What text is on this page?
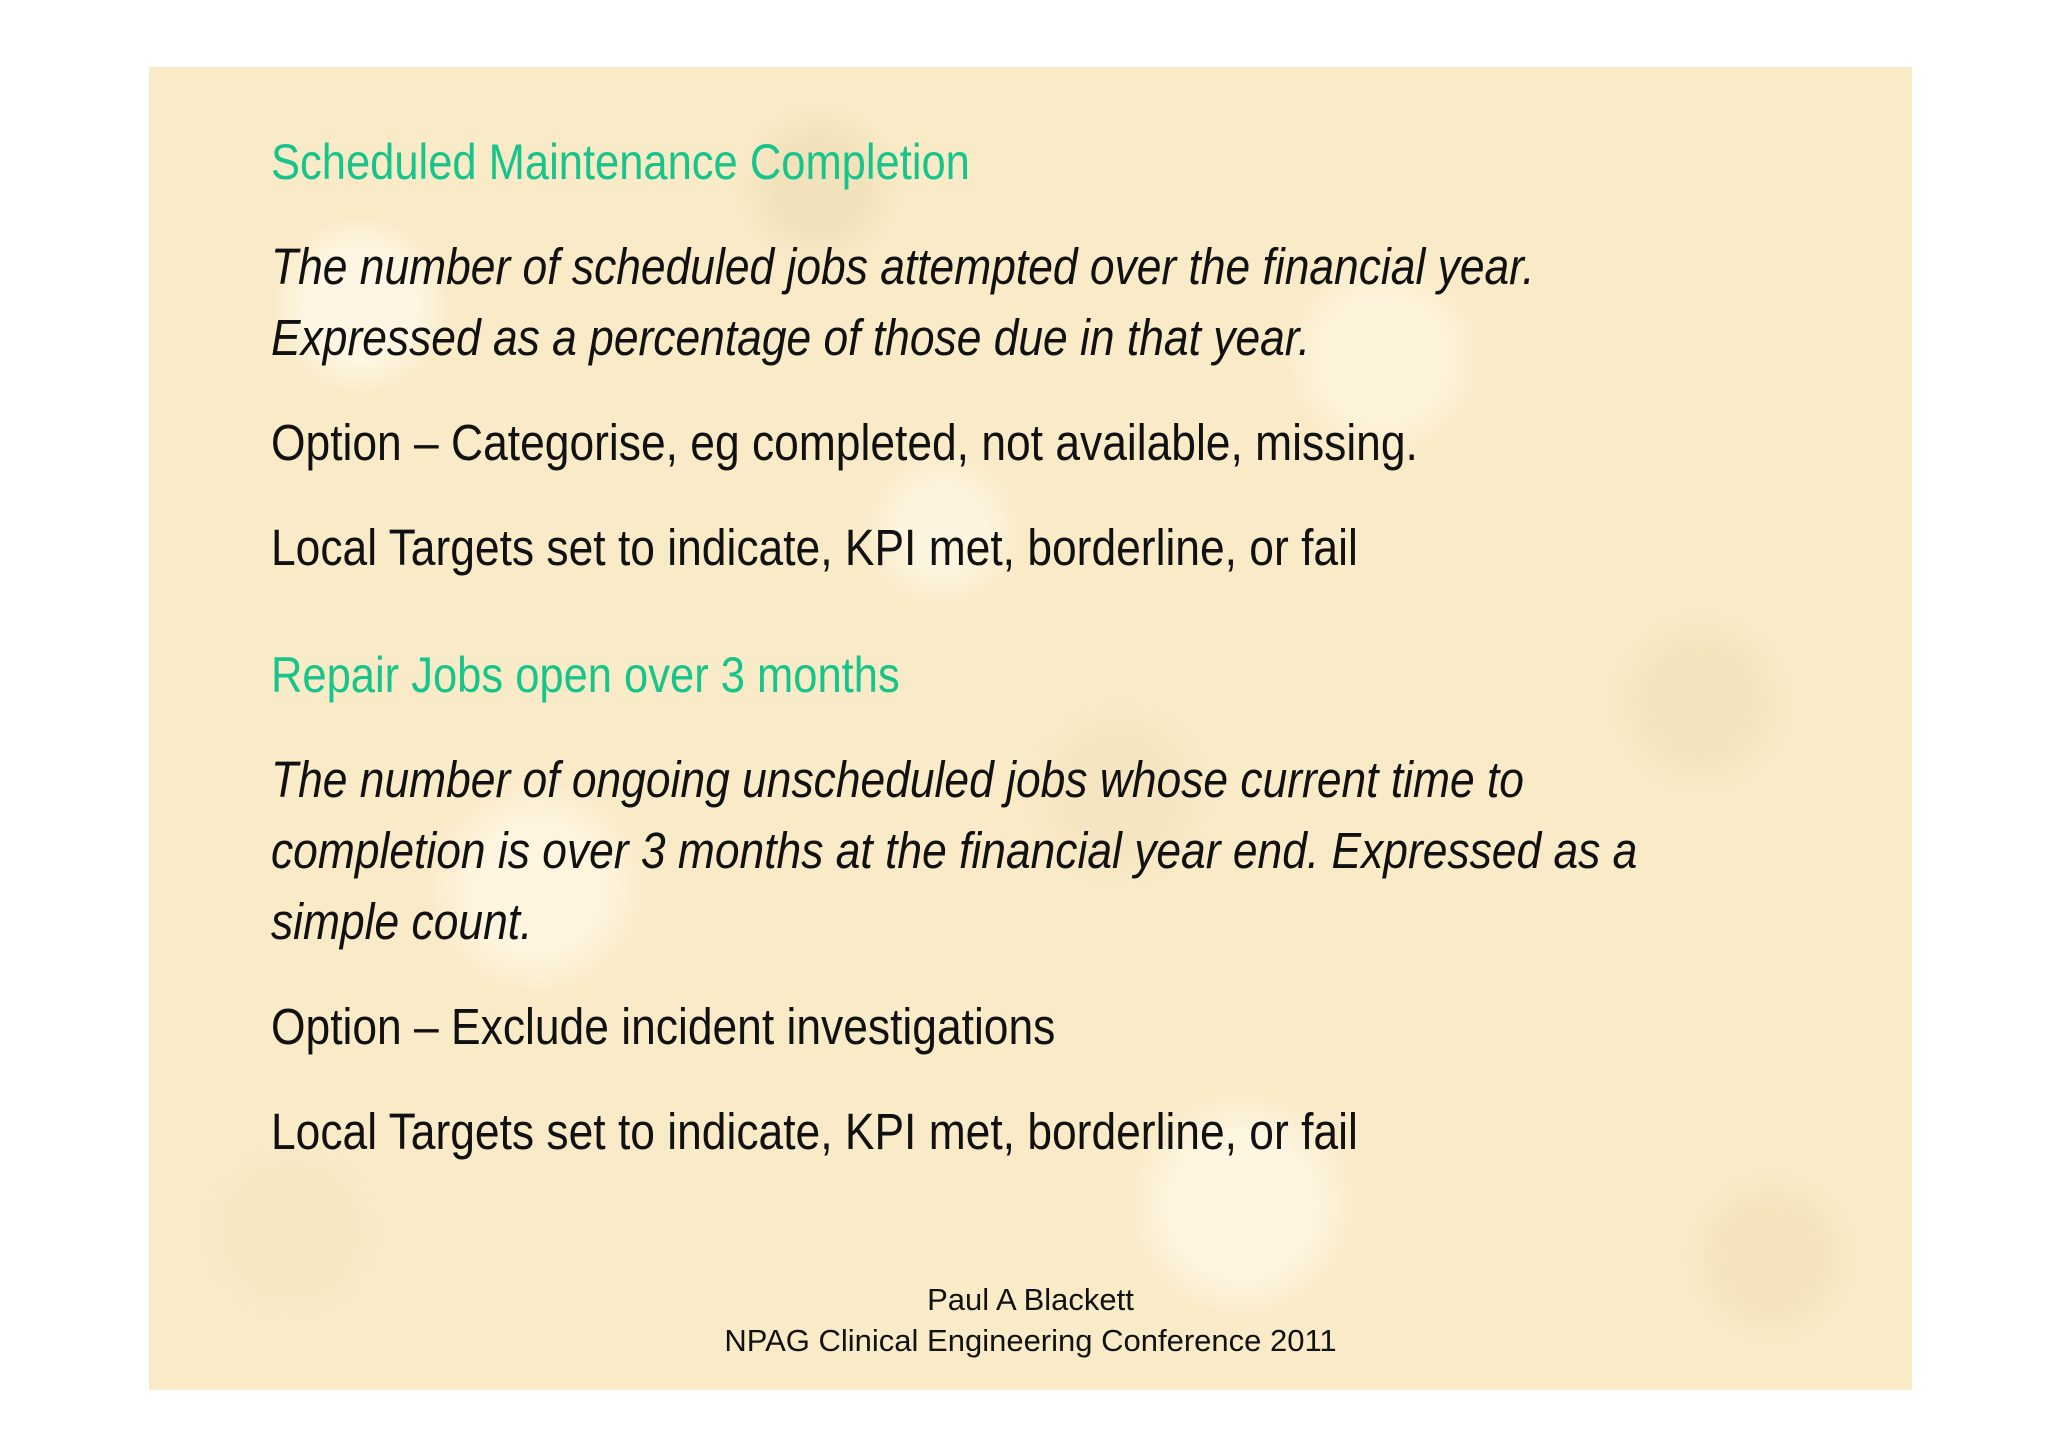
Scheduled Maintenance Completion
The number of scheduled jobs attempted over the financial year.
Expressed as a percentage of those due in that year.
Option – Categorise, eg completed, not available, missing.
Local Targets set to indicate, KPI met, borderline, or fail
Repair Jobs open over 3 months
The number of ongoing unscheduled jobs whose current time to
completion is over 3 months at the financial year end. Expressed as a
simple count.
Option – Exclude incident investigations
Local Targets set to indicate, KPI met, borderline, or fail
Paul A Blackett
NPAG Clinical Engineering Conference 2011
